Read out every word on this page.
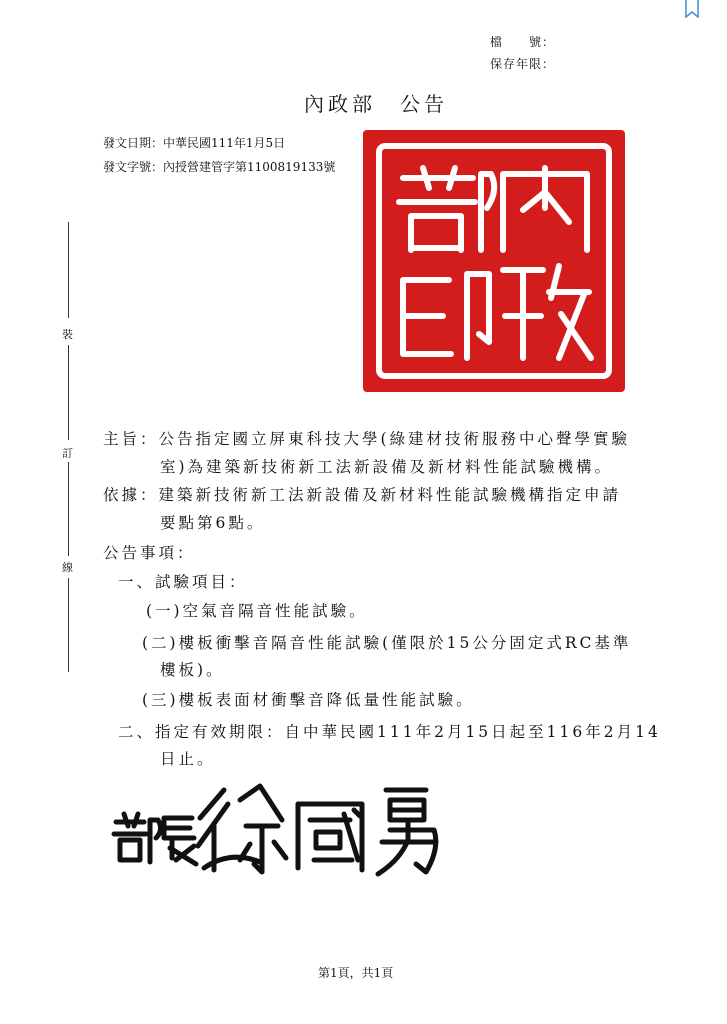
檔　　號：
保存年限：
內政部　公告
發文日期：中華民國111年1月5日
發文字號：內授營建管字第1100819133號
裝
訂
線
主旨：公告指定國立屏東科技大學(綠建材技術服務中心聲學實驗
室)為建築新技術新工法新設備及新材料性能試驗機構。
依據：建築新技術新工法新設備及新材料性能試驗機構指定申請
要點第6點。
公告事項：
一、試驗項目：
(一)空氣音隔音性能試驗。
(二)樓板衝擊音隔音性能試驗(僅限於15公分固定式RC基準
樓板)。
(三)樓板表面材衝擊音降低量性能試驗。
二、指定有效期限：自中華民國111年2月15日起至116年2月14
日止。
第1頁，共1頁
